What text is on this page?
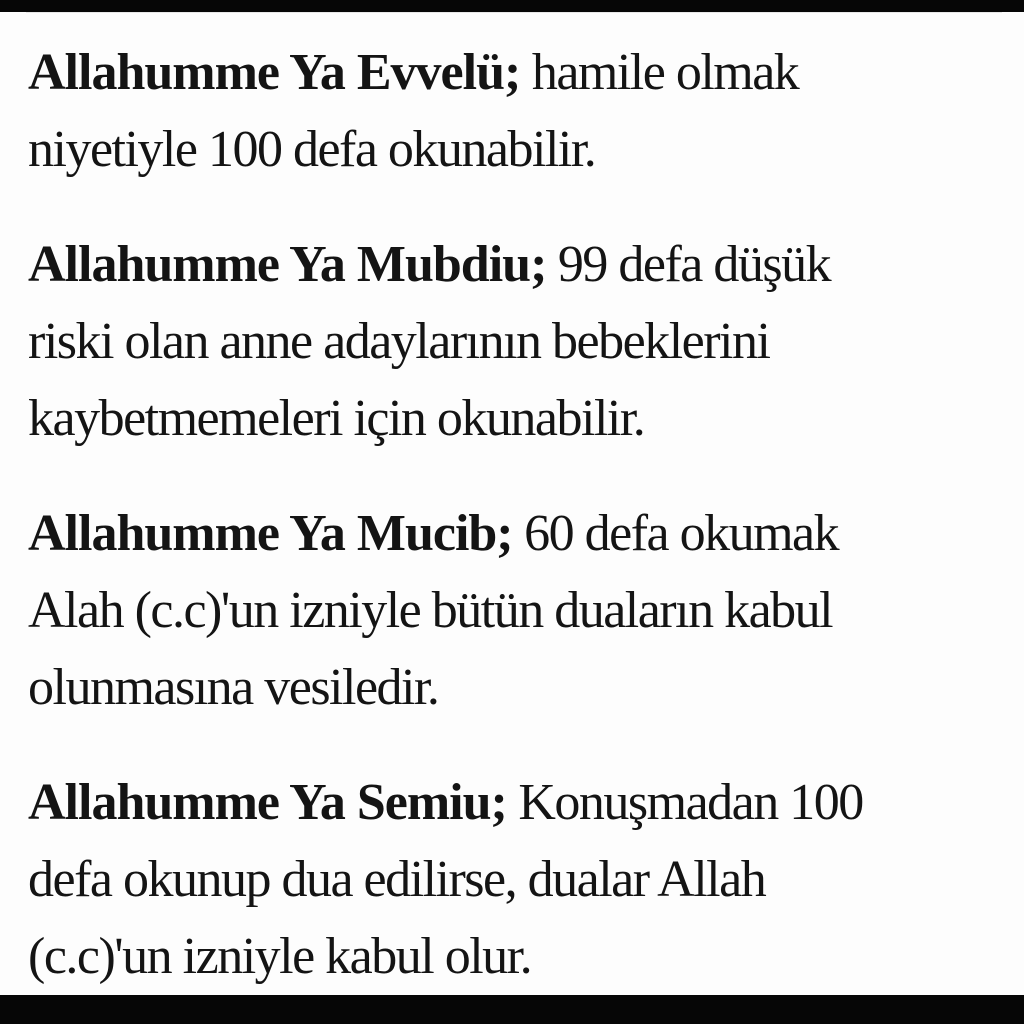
Allahumme Ya Evvelü; hamile olmak
niyetiyle 100 defa okunabilir.
Allahumme Ya Mubdiu; 99 defa düşük
riski olan anne adaylarının bebeklerini
kaybetmemeleri için okunabilir.
Allahumme Ya Mucib; 60 defa okumak
Alah (c.c)'un izniyle bütün duaların kabul
olunmasına vesiledir.
Allahumme Ya Semiu; Konuşmadan 100
defa okunup dua edilirse, dualar Allah
(c.c)'un izniyle kabul olur.
